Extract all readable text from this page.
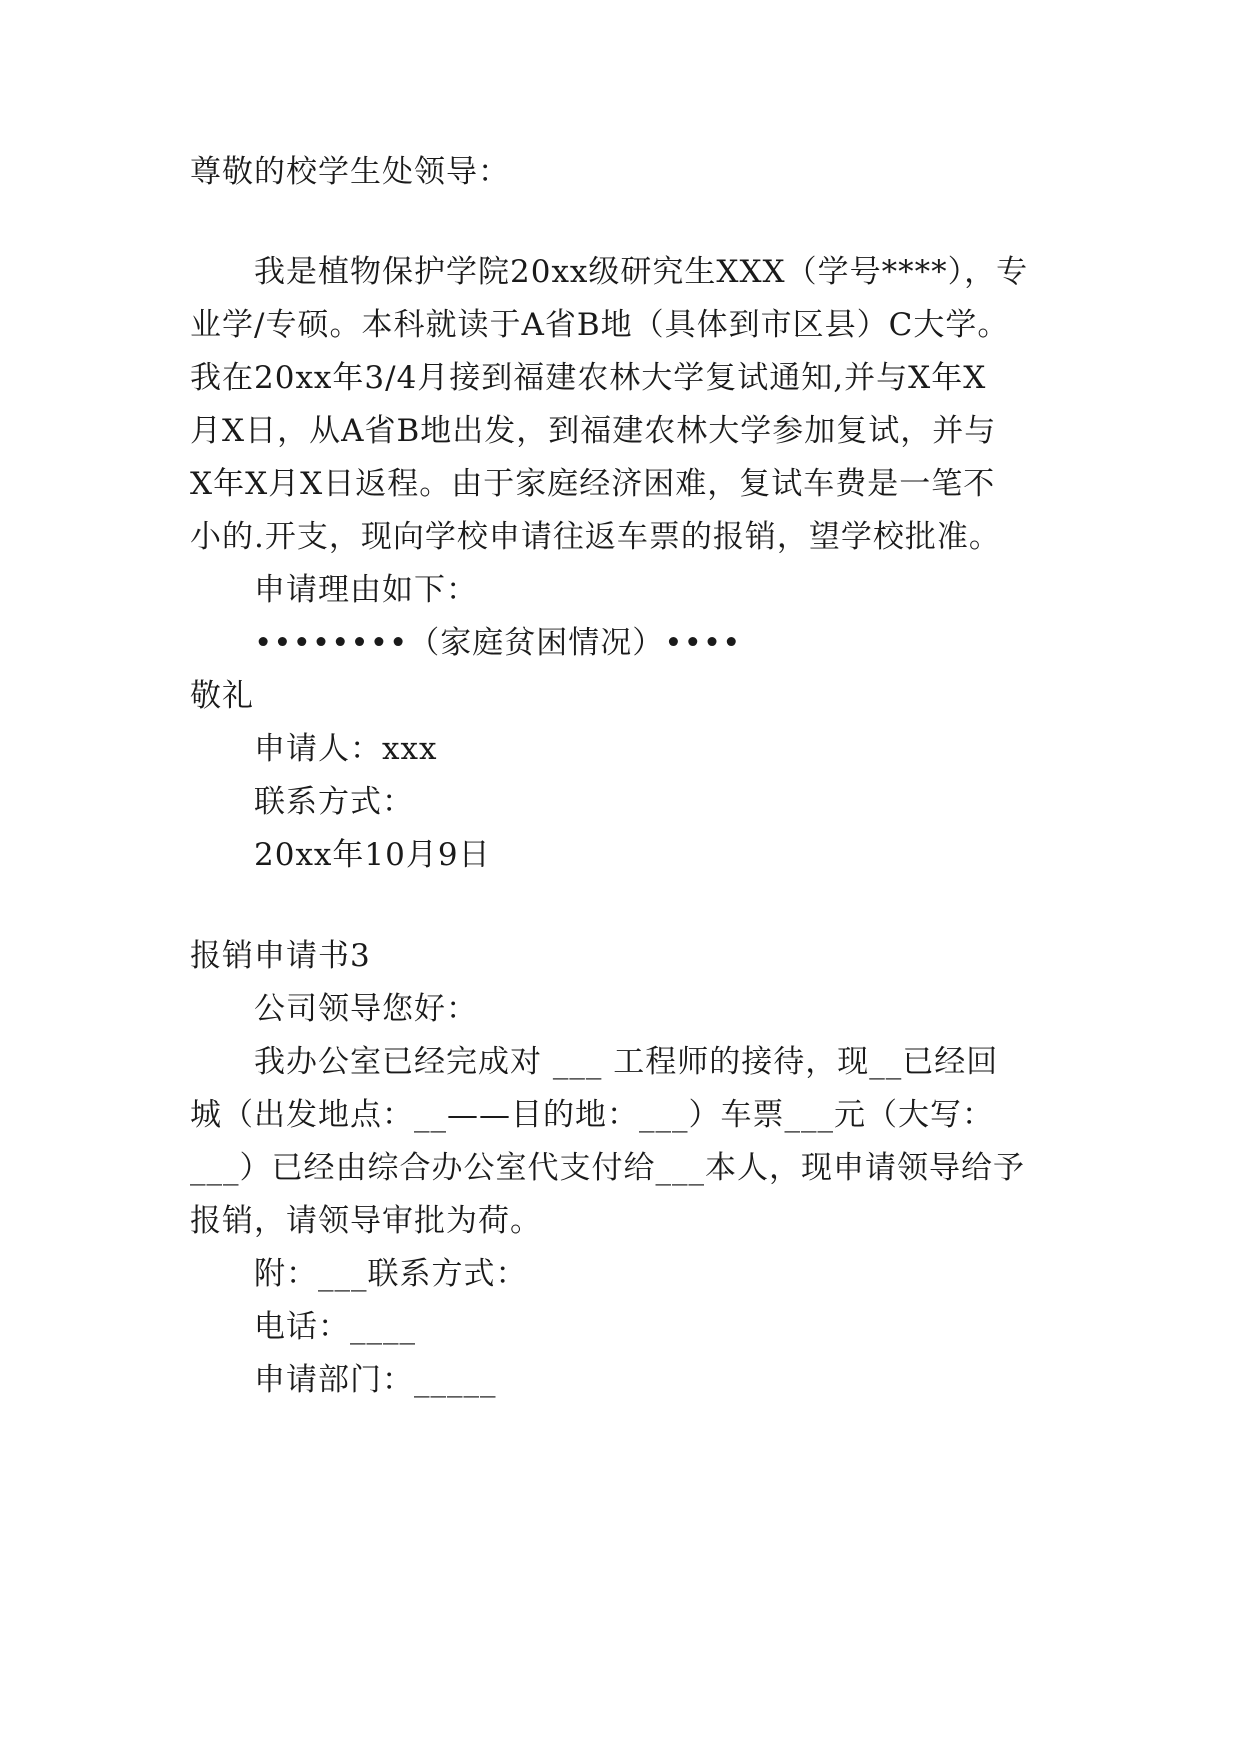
尊敬的校学生处领导：
我是植物保护学院20xx级研究生XXX（学号****），专
业学/专硕。本科就读于A省B地（具体到市区县）C大学。
我在20xx年3/4月接到福建农林大学复试通知,并与X年X
月X日，从A省B地出发，到福建农林大学参加复试，并与
X年X月X日返程。由于家庭经济困难，复试车费是一笔不
小的.开支，现向学校申请往返车票的报销，望学校批准。
申请理由如下：
••••••••（家庭贫困情况）••••
敬礼
申请人：xxx
联系方式：
20xx年10月9日
报销申请书3
公司领导您好：
我办公室已经完成对 ___ 工程师的接待，现__已经回
城（出发地点：__——目的地：___）车票___元（大写：
___）已经由综合办公室代支付给___本人，现申请领导给予
报销，请领导审批为荷。
附：___联系方式：
电话：____
申请部门：_____
